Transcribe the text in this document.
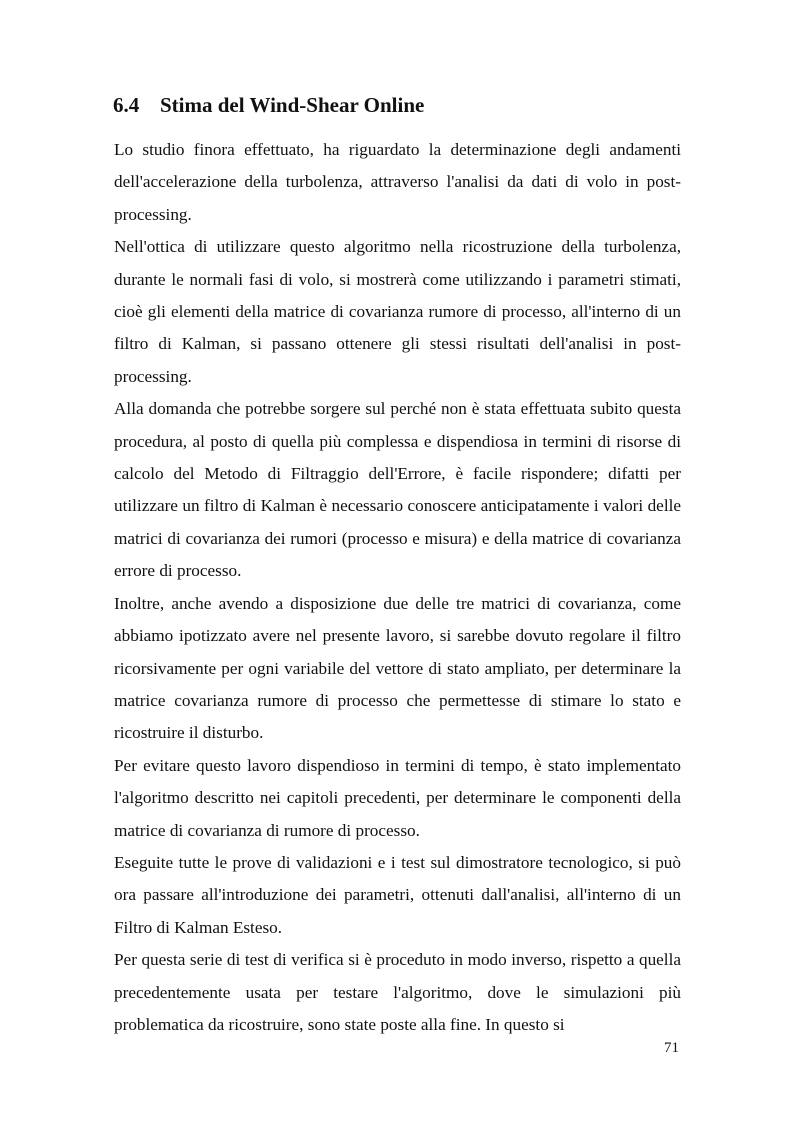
6.4 Stima del Wind-Shear Online

Lo studio finora effettuato, ha riguardato la determinazione degli andamenti dell'accelerazione della turbolenza, attraverso l'analisi da dati di volo in post-processing.

Nell'ottica di utilizzare questo algoritmo nella ricostruzione della turbolenza, durante le normali fasi di volo, si mostrerà come utilizzando i parametri stimati, cioè gli elementi della matrice di covarianza rumore di processo, all'interno di un filtro di Kalman, si passano ottenere gli stessi risultati dell'analisi in post-processing.

Alla domanda che potrebbe sorgere sul perché non è stata effettuata subito questa procedura, al posto di quella più complessa e dispendiosa in termini di risorse di calcolo del Metodo di Filtraggio dell'Errore, è facile rispondere; difatti per utilizzare un filtro di Kalman è necessario conoscere anticipatamente i valori delle matrici di covarianza dei rumori (processo e misura) e della matrice di covarianza errore di processo.

Inoltre, anche avendo a disposizione due delle tre matrici di covarianza, come abbiamo ipotizzato avere nel presente lavoro, si sarebbe dovuto regolare il filtro ricorsivamente per ogni variabile del vettore di stato ampliato, per determinare la matrice covarianza rumore di processo che permettesse di stimare lo stato e ricostruire il disturbo.

Per evitare questo lavoro dispendioso in termini di tempo, è stato implementato l'algoritmo descritto nei capitoli precedenti, per determinare le componenti della matrice di covarianza di rumore di processo.

Eseguite tutte le prove di validazioni e i test sul dimostratore tecnologico, si può ora passare all'introduzione dei parametri, ottenuti dall'analisi, all'interno di un Filtro di Kalman Esteso.

Per questa serie di test di verifica si è proceduto in modo inverso, rispetto a quella precedentemente usata per testare l'algoritmo, dove le simulazioni più problematica da ricostruire, sono state poste alla fine. In questo si

71
